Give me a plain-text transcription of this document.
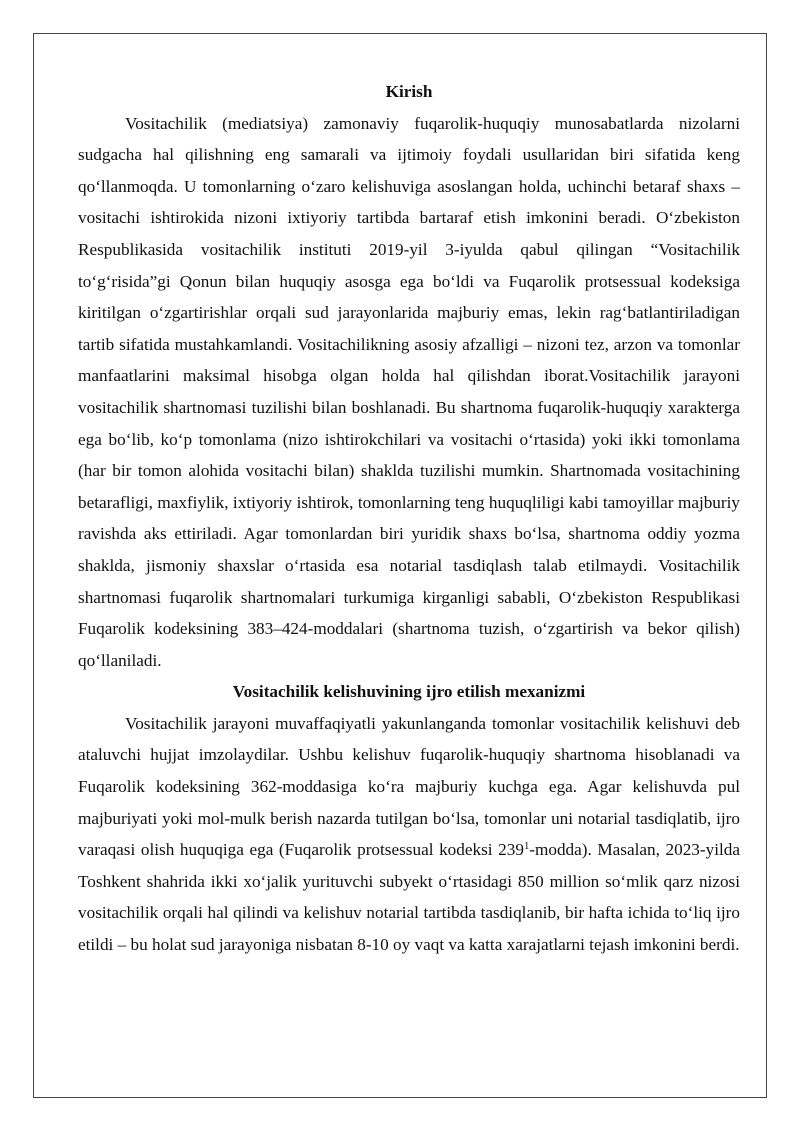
Kirish

Vositachilik (mediatsiya) zamonaviy fuqarolik-huquqiy munosabatlarda nizolarni sudgacha hal qilishning eng samarali va ijtimoiy foydali usullaridan biri sifatida keng qo‘llanmoqda. U tomonlarning o‘zaro kelishuviga asoslangan holda, uchinchi betaraf shaxs – vositachi ishtirokida nizoni ixtiyoriy tartibda bartaraf etish imkonini beradi. O‘zbekiston Respublikasida vositachilik instituti 2019-yil 3-iyulda qabul qilingan “Vositachilik to‘g‘risida”gi Qonun bilan huquqiy asosga ega bo‘ldi va Fuqarolik protsessual kodeksiga kiritilgan o‘zgartirishlar orqali sud jarayonlarida majburiy emas, lekin rag‘batlantiriladigan tartib sifatida mustahkamlandi. Vositachilikning asosiy afzalligi – nizoni tez, arzon va tomonlar manfaatlarini maksimal hisobga olgan holda hal qilishdan iborat.Vositachilik jarayoni vositachilik shartnomasi tuzilishi bilan boshlanadi. Bu shartnoma fuqarolik-huquqiy xarakterga ega bo‘lib, ko‘p tomonlama (nizo ishtirokchilari va vositachi o‘rtasida) yoki ikki tomonlama (har bir tomon alohida vositachi bilan) shaklda tuzilishi mumkin. Shartnomada vositachining betarafligi, maxfiylik, ixtiyoriy ishtirok, tomonlarning teng huquqliligi kabi tamoyillar majburiy ravishda aks ettiriladi. Agar tomonlardan biri yuridik shaxs bo‘lsa, shartnoma oddiy yozma shaklda, jismoniy shaxslar o‘rtasida esa notarial tasdiqlash talab etilmaydi. Vositachilik shartnomasi fuqarolik shartnomalari turkumiga kirganligi sababli, O‘zbekiston Respublikasi Fuqarolik kodeksining 383–424-moddalari (shartnoma tuzish, o‘zgartirish va bekor qilish) qo‘llaniladi.

Vositachilik kelishuvining ijro etilish mexanizmi

Vositachilik jarayoni muvaffaqiyatli yakunlanganda tomonlar vositachilik kelishuvi deb ataluvchi hujjat imzolaydilar. Ushbu kelishuv fuqarolik-huquqiy shartnoma hisoblanadi va Fuqarolik kodeksining 362-moddasiga ko‘ra majburiy kuchga ega. Agar kelishuvda pul majburiyati yoki mol-mulk berish nazarda tutilgan bo‘lsa, tomonlar uni notarial tasdiqlatib, ijro varaqasi olish huquqiga ega (Fuqarolik protsessual kodeksi $239^1-modda$). Masalan, 2023-yilda Toshkent shahrida ikki xo‘jalik yurituvchi subyekt o‘rtasidagi 850 million so‘mlik qarz nizosi vositachilik orqali hal qilindi va kelishuv notarial tartibda tasdiqlanib, bir hafta ichida to‘liq ijro etildi – bu holat sud jarayoniga nisbatan 8-10 oy vaqt va katta xarajatlarni tejash imkonini berdi.
